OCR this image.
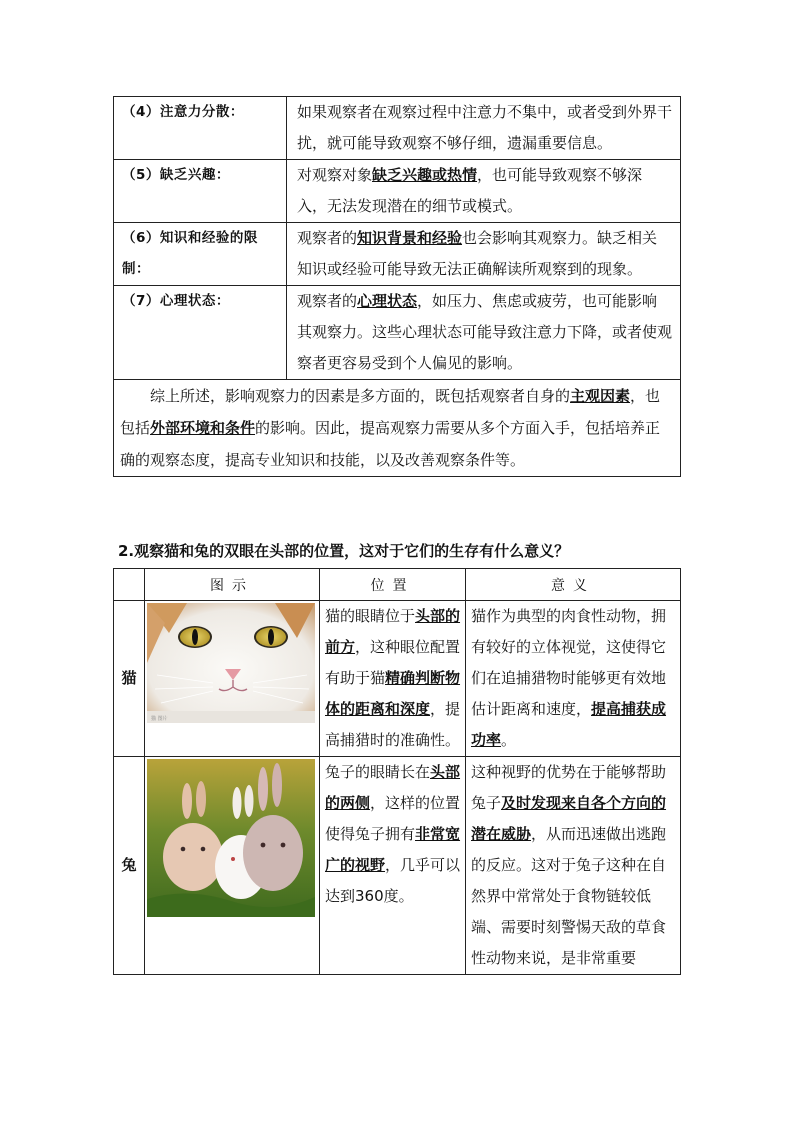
（4）注意力分散：	如果观察者在观察过程中注意力不集中，或者受到外界干扰，就可能导致观察不够仔细，遗漏重要信息。
（5）缺乏兴趣：	对观察对象缺乏兴趣或热情，也可能导致观察不够深入，无法发现潜在的细节或模式。
（6）知识和经验的限制：	观察者的知识背景和经验也会影响其观察力。缺乏相关知识或经验可能导致无法正确解读所观察到的现象。
（7）心理状态：	观察者的心理状态，如压力、焦虑或疲劳，也可能影响其观察力。这些心理状态可能导致注意力下降，或者使观察者更容易受到个人偏见的影响。
综上所述，影响观察力的因素是多方面的，既包括观察者自身的主观因素，也包括外部环境和条件的影响。因此，提高观察力需要从多个方面入手，包括培养正确的观察态度，提高专业知识和技能，以及改善观察条件等。	

2.观察猫和兔的双眼在头部的位置，这对于它们的生存有什么意义？

	图示	位置	意义
猫	猫 图片	猫的眼睛位于头部的前方，这种眼位配置有助于猫精确判断物体的距离和深度，提高捕猎时的准确性。	猫作为典型的肉食性动物，拥有较好的立体视觉，这使得它们在追捕猎物时能够更有效地估计距离和速度，提高捕获成功率。
兔		兔子的眼睛长在头部的两侧，这样的位置使得兔子拥有非常宽广的视野，几乎可以达到360度。	这种视野的优势在于能够帮助兔子及时发现来自各个方向的潜在威胁，从而迅速做出逃跑的反应。这对于兔子这种在自然界中常常处于食物链较低端、需要时刻警惕天敌的草食性动物来说，是非常重要
